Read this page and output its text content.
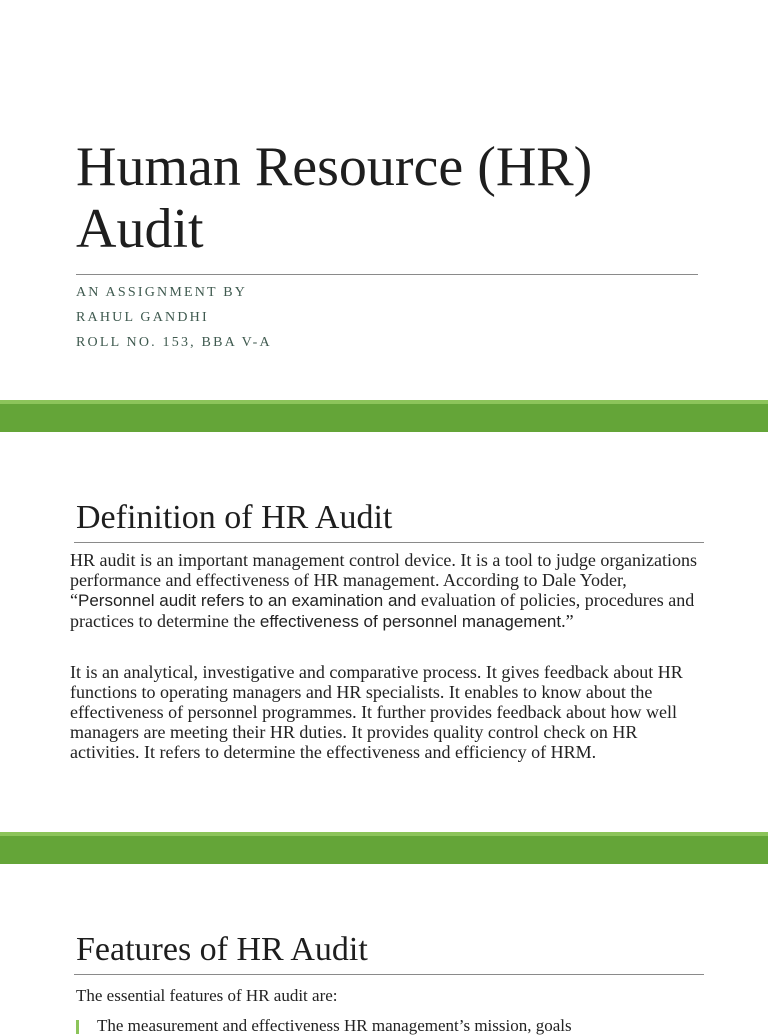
Human Resource (HR)
Audit
AN ASSIGNMENT BY
RAHUL GANDHI
ROLL NO. 153, BBA V-A
Definition of HR Audit
HR audit is an important management control device. It is a tool to judge organizations performance and effectiveness of HR management. According to Dale Yoder, “Personnel audit refers to an examination and evaluation of policies, procedures and practices to determine the effectiveness of personnel management.”
It is an analytical, investigative and comparative process. It gives feedback about HR functions to operating managers and HR specialists. It enables to know about the effectiveness of personnel programmes. It further provides feedback about how well managers are meeting their HR duties. It provides quality control check on HR activities. It refers to determine the effectiveness and efficiency of HRM.
Features of HR Audit
The essential features of HR audit are:
The measurement and effectiveness HR management’s mission, goals
